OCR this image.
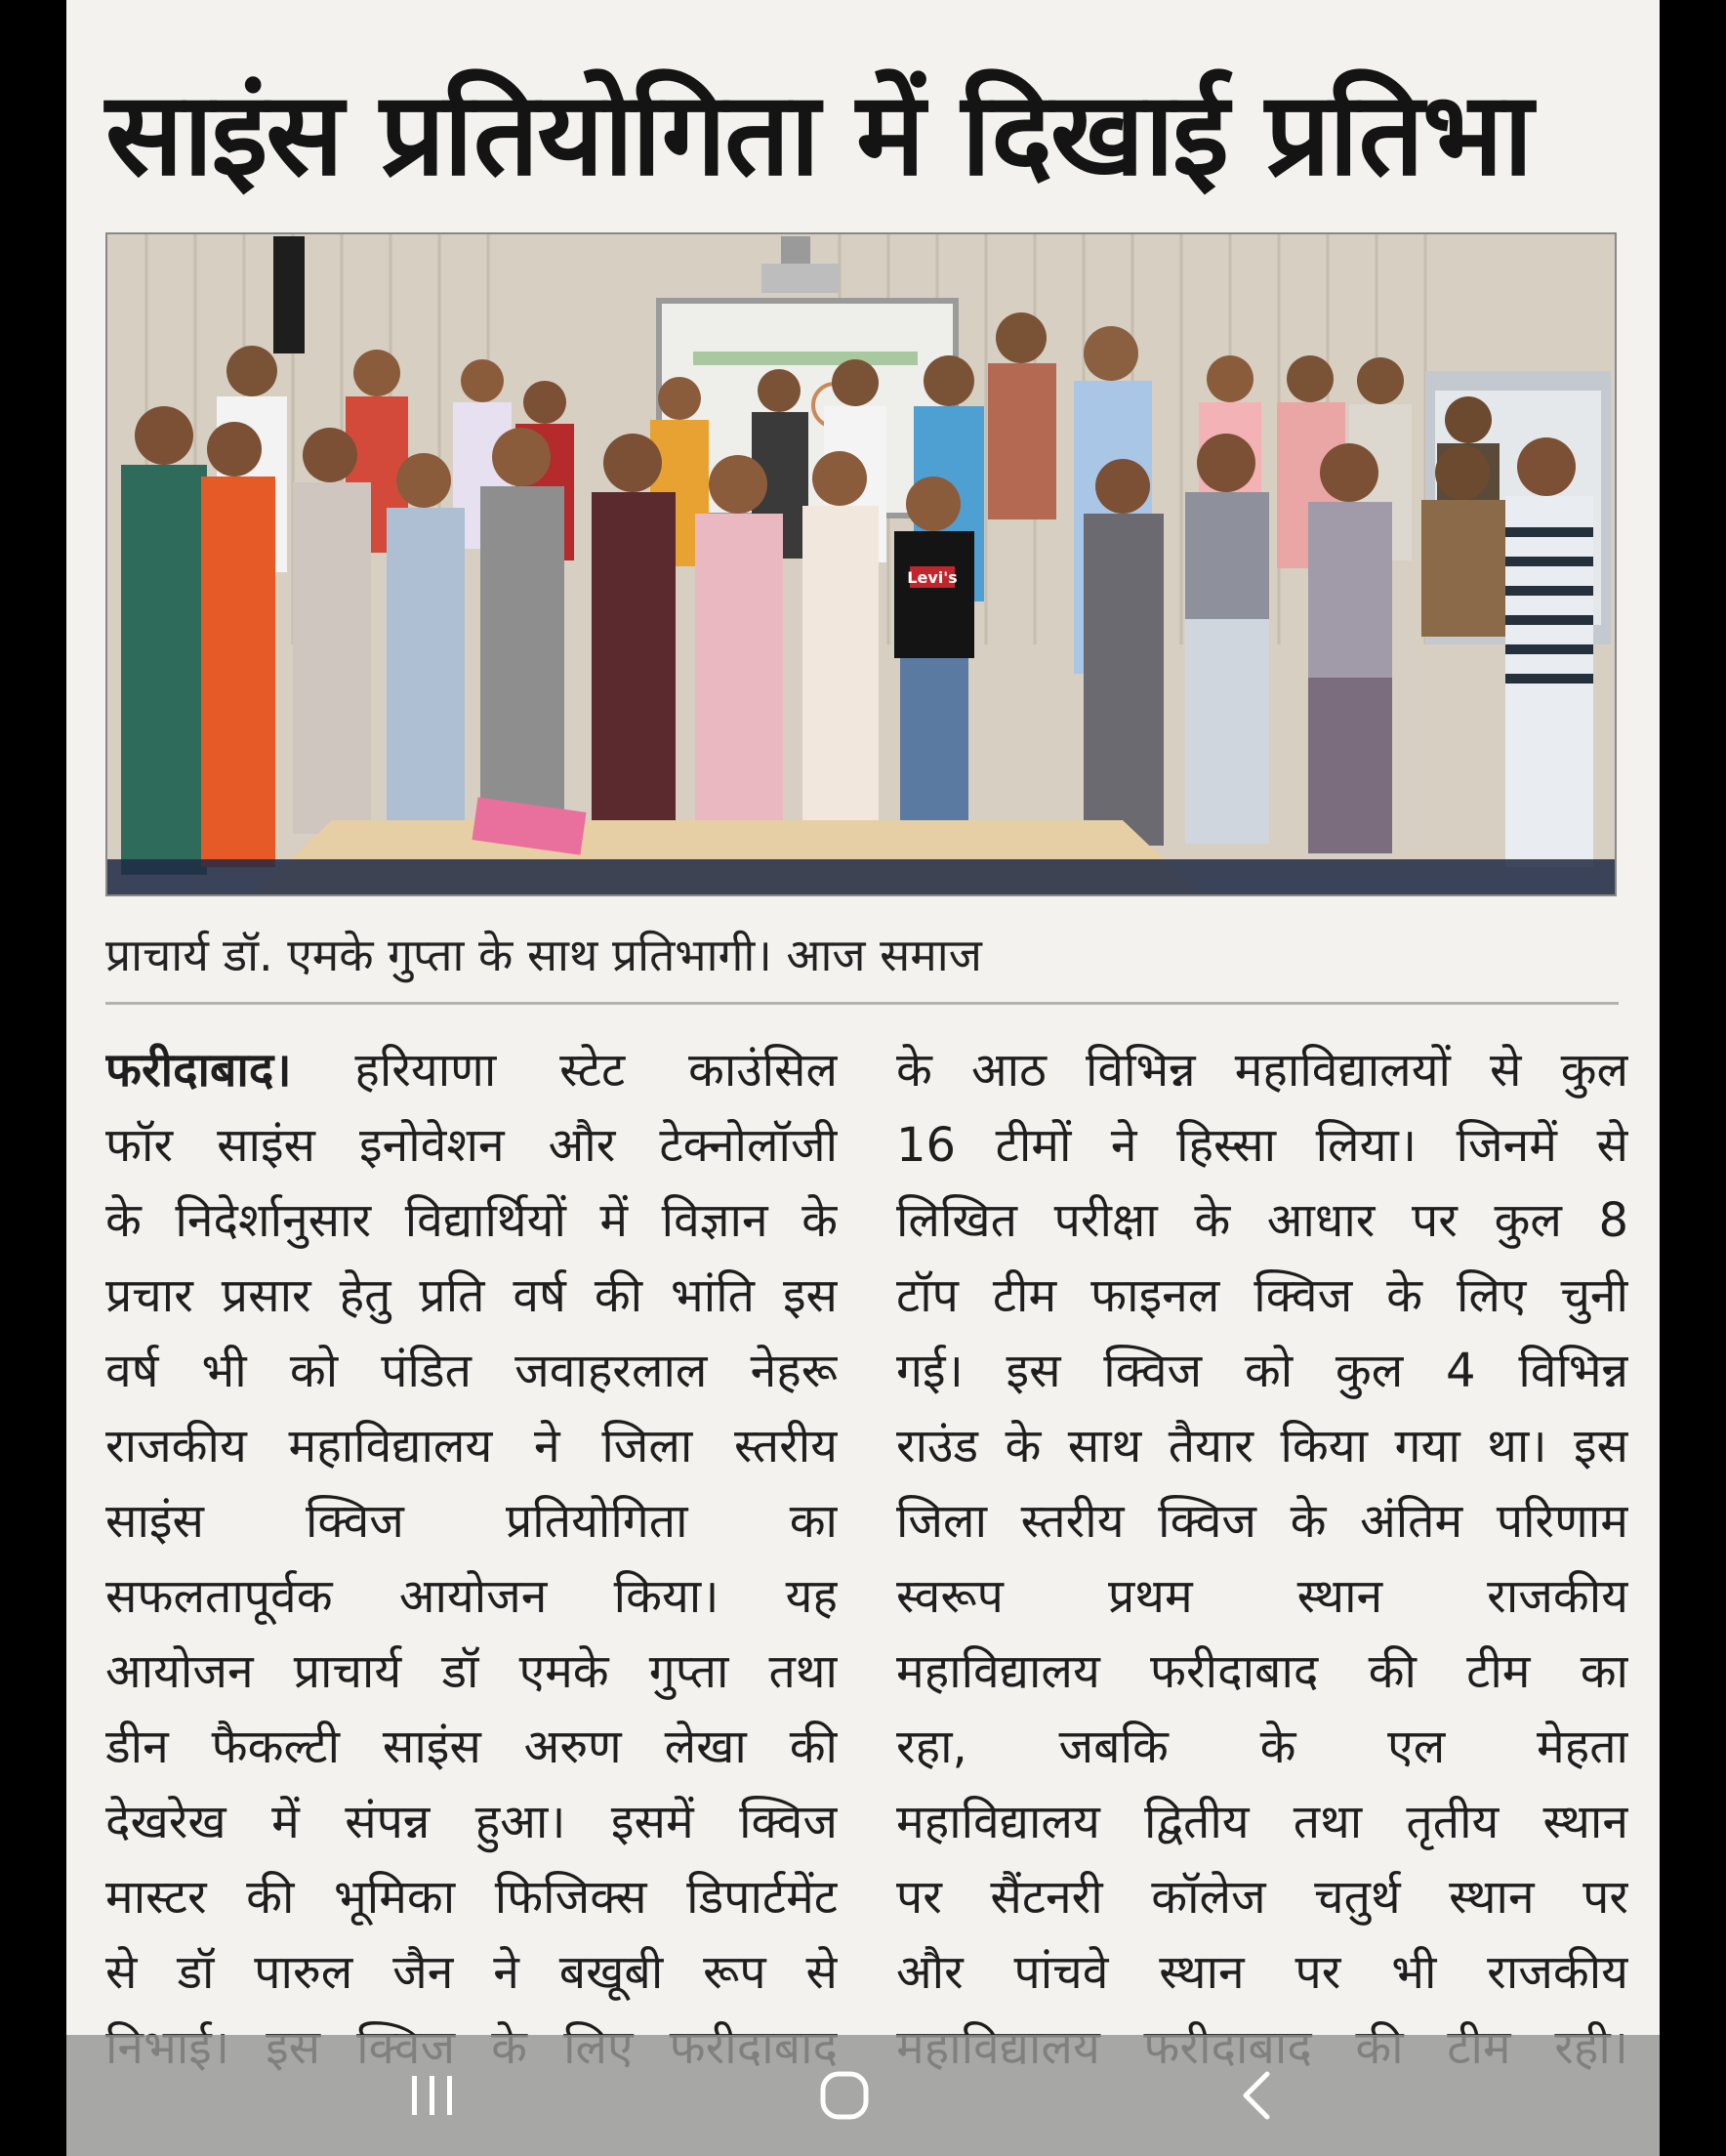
साइंस प्रतियोगिता में दिखाई प्रतिभा
Levi's
प्राचार्य डॉ. एमके गुप्ता के साथ प्रतिभागी। आज समाज
फरीदाबाद। हरियाणा स्टेट काउंसिल
फॉर साइंस इनोवेशन और टेक्नोलॉजी
के निदेर्शानुसार विद्यार्थियों में विज्ञान के
प्रचार प्रसार हेतु प्रति वर्ष की भांति इस
वर्ष भी को पंडित जवाहरलाल नेहरू
राजकीय महाविद्यालय ने जिला स्तरीय
साइंस क्विज प्रतियोगिता का
सफलतापूर्वक आयोजन किया। यह
आयोजन प्राचार्य डॉ एमके गुप्ता तथा
डीन फैकल्टी साइंस अरुण लेखा की
देखरेख में संपन्न हुआ। इसमें क्विज
मास्टर की भूमिका फिजिक्स डिपार्टमेंट
से डॉ पारुल जैन ने बखूबी रूप से
के आठ विभिन्न महाविद्यालयों से कुल
16 टीमों ने हिस्सा लिया। जिनमें से
लिखित परीक्षा के आधार पर कुल 8
टॉप टीम फाइनल क्विज के लिए चुनी
गई। इस क्विज को कुल 4 विभिन्न
राउंड के साथ तैयार किया गया था। इस
जिला स्तरीय क्विज के अंतिम परिणाम
स्वरूप प्रथम स्थान राजकीय
महाविद्यालय फरीदाबाद की टीम का
रहा, जबकि के एल मेहता
महाविद्यालय द्वितीय तथा तृतीय स्थान
पर सैंटनरी कॉलेज चतुर्थ स्थान पर
और पांचवे स्थान पर भी राजकीय
